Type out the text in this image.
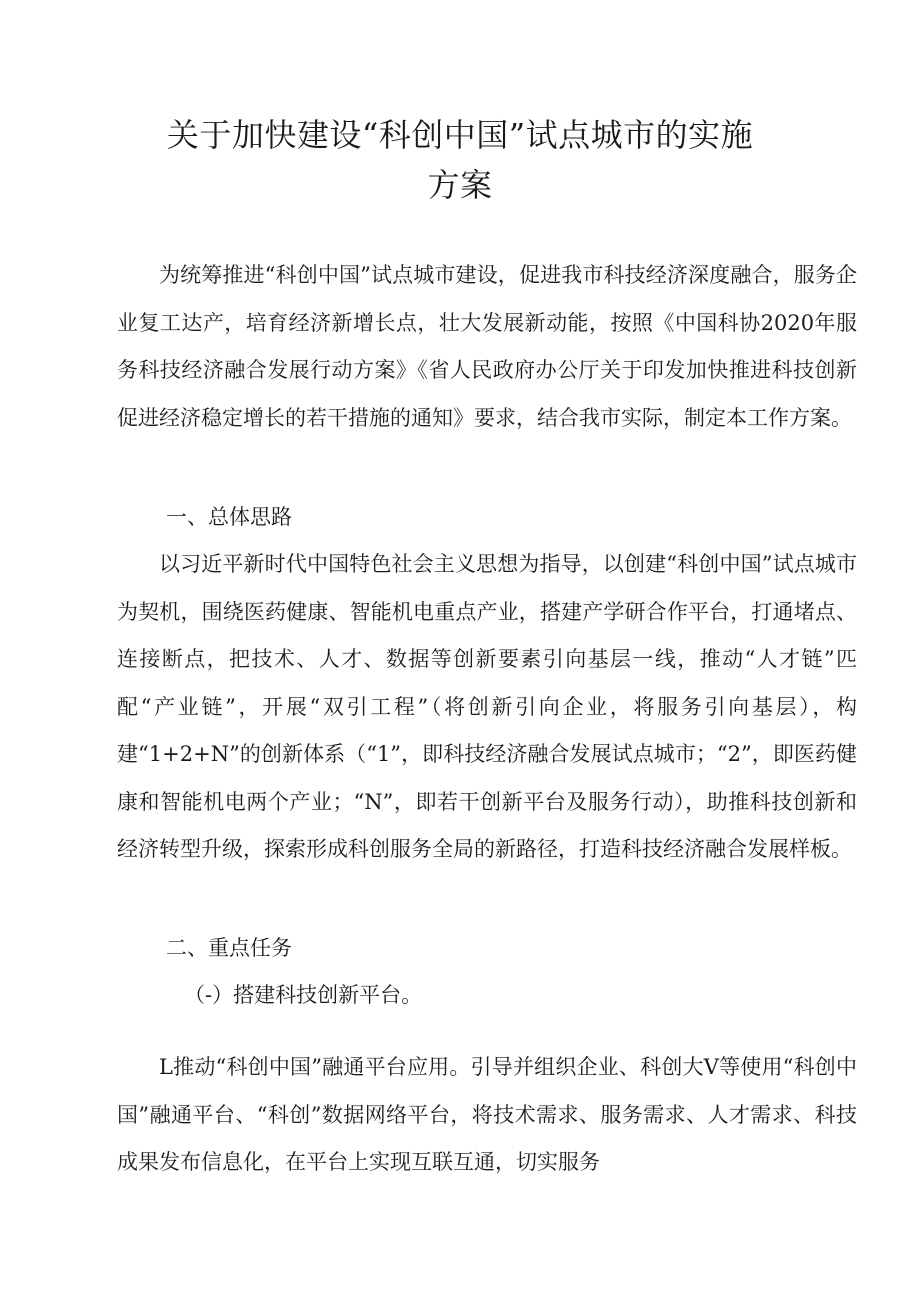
关于加快建设“科创中国”试点城市的实施
方案

为统筹推进“科创中国”试点城市建设，促进我市科技经济深度融合，服务企业复工达产，培育经济新增长点，壮大发展新动能，按照《中国科协2020年服务科技经济融合发展行动方案》《省人民政府办公厅关于印发加快推进科技创新促进经济稳定增长的若干措施的通知》要求，结合我市实际，制定本工作方案。

一、总体思路

以习近平新时代中国特色社会主义思想为指导，以创建“科创中国”试点城市为契机，围绕医药健康、智能机电重点产业，搭建产学研合作平台，打通堵点、连接断点，把技术、人才、数据等创新要素引向基层一线，推动“人才链”匹配“产业链”，开展“双引工程”（将创新引向企业，将服务引向基层），构建“1+2+N”的创新体系（“1”，即科技经济融合发展试点城市；“2”，即医药健康和智能机电两个产业；“N”，即若干创新平台及服务行动），助推科技创新和经济转型升级，探索形成科创服务全局的新路径，打造科技经济融合发展样板。

二、重点任务
（-）搭建科技创新平台。

L推动“科创中国”融通平台应用。引导并组织企业、科创大V等使用“科创中国”融通平台、“科创”数据网络平台，将技术需求、服务需求、人才需求、科技成果发布信息化，在平台上实现互联互通，切实服务
